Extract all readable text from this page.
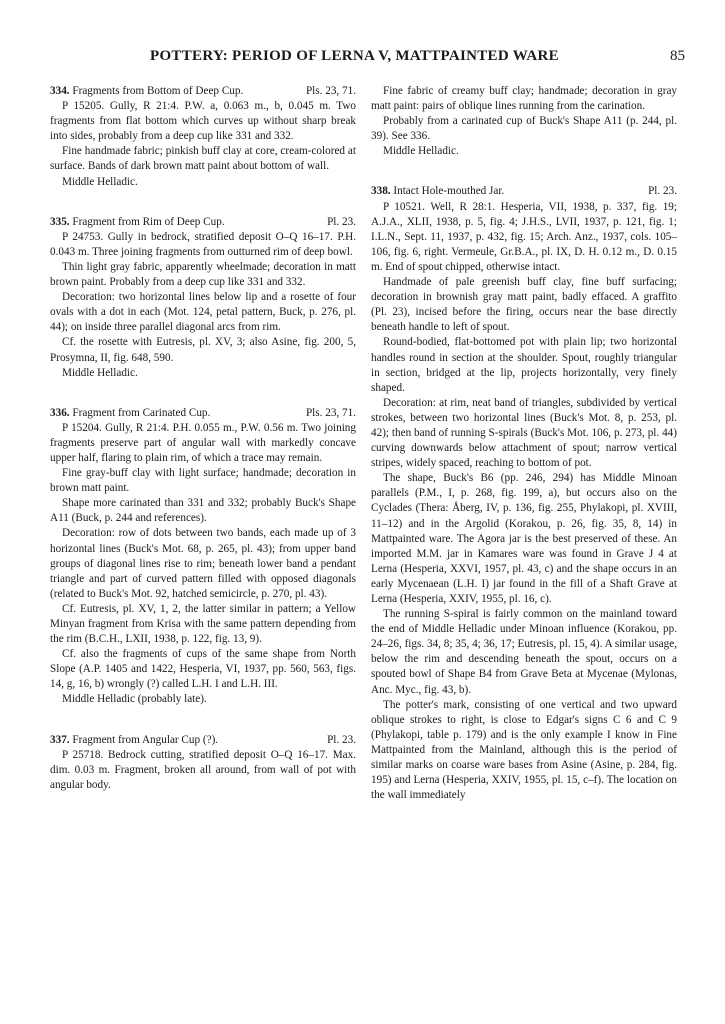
POTTERY: PERIOD OF LERNA V, MATTPAINTED WARE	85

Pls. 23, 71.
334. Fragments from Bottom of Deep Cup.

P 15205. Gully, R 21:4. P.W. a, 0.063 m., b, 0.045 m. Two fragments from flat bottom which curves up without sharp break into sides, probably from a deep cup like 331 and 332.

Fine handmade fabric; pinkish buff clay at core, cream-colored at surface. Bands of dark brown matt paint about bottom of wall.

Middle Helladic.

Pl. 23.
335. Fragment from Rim of Deep Cup.

P 24753. Gully in bedrock, stratified deposit O–Q 16–17. P.H. 0.043 m. Three joining fragments from outturned rim of deep bowl.

Thin light gray fabric, apparently wheelmade; decoration in matt brown paint. Probably from a deep cup like 331 and 332.

Decoration: two horizontal lines below lip and a rosette of four ovals with a dot in each (Mot. 124, petal pattern, Buck, p. 276, pl. 44); on inside three parallel diagonal arcs from rim.

Cf. the rosette with Eutresis, pl. XV, 3; also Asine, fig. 200, 5, Prosymna, II, fig. 648, 590.

Middle Helladic.

Pls. 23, 71.
336. Fragment from Carinated Cup.

P 15204. Gully, R 21:4. P.H. 0.055 m., P.W. 0.56 m. Two joining fragments preserve part of angular wall with markedly concave upper half, flaring to plain rim, of which a trace may remain.

Fine gray-buff clay with light surface; handmade; decoration in brown matt paint.

Shape more carinated than 331 and 332; probably Buck's Shape A11 (Buck, p. 244 and references).

Decoration: row of dots between two bands, each made up of 3 horizontal lines (Buck's Mot. 68, p. 265, pl. 43); from upper band groups of diagonal lines rise to rim; beneath lower band a pendant triangle and part of curved pattern filled with opposed diagonals (related to Buck's Mot. 92, hatched semicircle, p. 270, pl. 43).

Cf. Eutresis, pl. XV, 1, 2, the latter similar in pattern; a Yellow Minyan fragment from Krisa with the same pattern depending from the rim (B.C.H., LXII, 1938, p. 122, fig. 13, 9).

Cf. also the fragments of cups of the same shape from North Slope (A.P. 1405 and 1422, Hesperia, VI, 1937, pp. 560, 563, figs. 14, g, 16, b) wrongly (?) called L.H. I and L.H. III.

Middle Helladic (probably late).

Pl. 23.
337. Fragment from Angular Cup (?).

P 25718. Bedrock cutting, stratified deposit O–Q 16–17. Max. dim. 0.03 m. Fragment, broken all around, from wall of pot with angular body.

Fine fabric of creamy buff clay; handmade; decoration in gray matt paint: pairs of oblique lines running from the carination.

Probably from a carinated cup of Buck's Shape A11 (p. 244, pl. 39). See 336.

Middle Helladic.

Pl. 23.
338. Intact Hole-mouthed Jar.

P 10521. Well, R 28:1. Hesperia, VII, 1938, p. 337, fig. 19; A.J.A., XLII, 1938, p. 5, fig. 4; J.H.S., LVII, 1937, p. 121, fig. 1; I.L.N., Sept. 11, 1937, p. 432, fig. 15; Arch. Anz., 1937, cols. 105–106, fig. 6, right. Vermeule, Gr.B.A., pl. IX, D. H. 0.12 m., D. 0.15 m. End of spout chipped, otherwise intact.

Handmade of pale greenish buff clay, fine buff surfacing; decoration in brownish gray matt paint, badly effaced. A graffito (Pl. 23), incised before the firing, occurs near the base directly beneath handle to left of spout.

Round-bodied, flat-bottomed pot with plain lip; two horizontal handles round in section at the shoulder. Spout, roughly triangular in section, bridged at the lip, projects horizontally, very finely shaped.

Decoration: at rim, neat band of triangles, subdivided by vertical strokes, between two horizontal lines (Buck's Mot. 8, p. 253, pl. 42); then band of running S-spirals (Buck's Mot. 106, p. 273, pl. 44) curving downwards below attachment of spout; narrow vertical stripes, widely spaced, reaching to bottom of pot.

The shape, Buck's B6 (pp. 246, 294) has Middle Minoan parallels (P.M., I, p. 268, fig. 199, a), but occurs also on the Cyclades (Thera: Åberg, IV, p. 136, fig. 255, Phylakopi, pl. XVIII, 11–12) and in the Argolid (Korakou, p. 26, fig. 35, 8, 14) in Mattpainted ware. The Agora jar is the best preserved of these. An imported M.M. jar in Kamares ware was found in Grave J 4 at Lerna (Hesperia, XXVI, 1957, pl. 43, c) and the shape occurs in an early Mycenaean (L.H. I) jar found in the fill of a Shaft Grave at Lerna (Hesperia, XXIV, 1955, pl. 16, c).

The running S-spiral is fairly common on the mainland toward the end of Middle Helladic under Minoan influence (Korakou, pp. 24–26, figs. 34, 8; 35, 4; 36, 17; Eutresis, pl. 15, 4). A similar usage, below the rim and descending beneath the spout, occurs on a spouted bowl of Shape B4 from Grave Beta at Mycenae (Mylonas, Anc. Myc., fig. 43, b).

The potter's mark, consisting of one vertical and two upward oblique strokes to right, is close to Edgar's signs C 6 and C 9 (Phylakopi, table p. 179) and is the only example I know in Fine Mattpainted from the Mainland, although this is the period of similar marks on coarse ware bases from Asine (Asine, p. 284, fig. 195) and Lerna (Hesperia, XXIV, 1955, pl. 15, c–f). The location on the wall immediately
